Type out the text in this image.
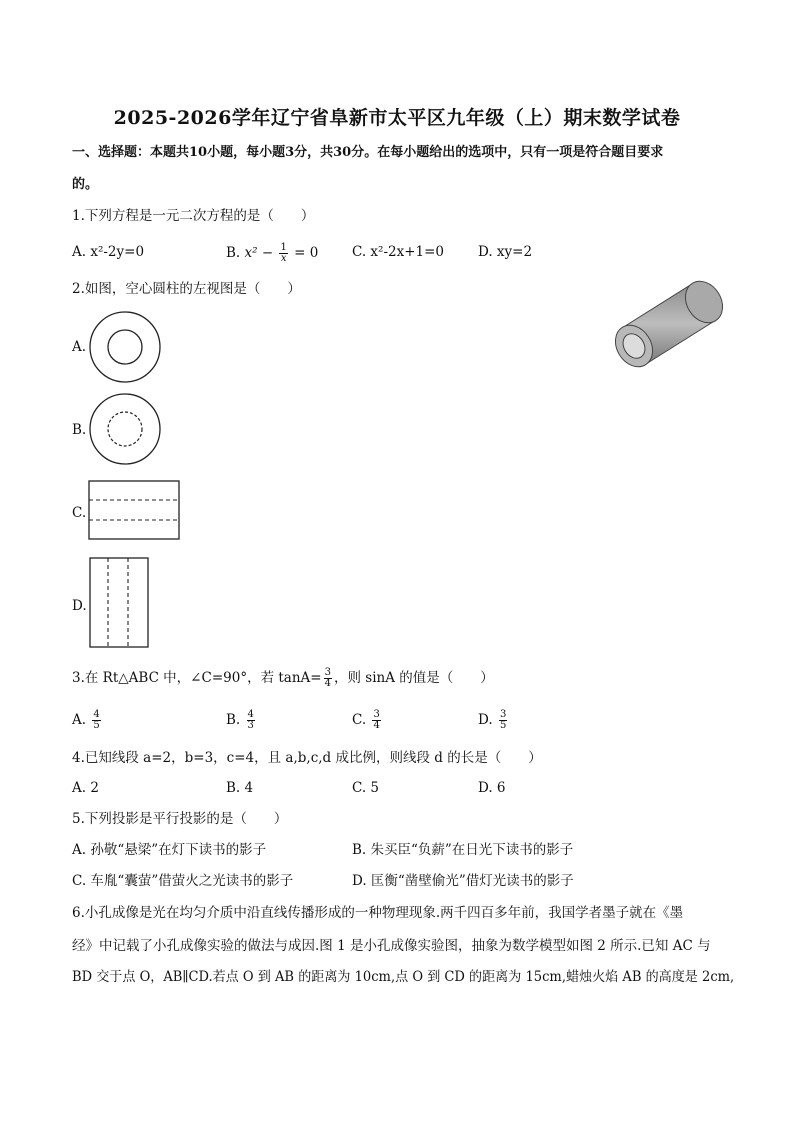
2025-2026学年辽宁省阜新市太平区九年级（上）期末数学试卷
一、选择题：本题共10小题，每小题3分，共30分。在每小题给出的选项中，只有一项是符合题目要求
的。
1.下列方程是一元二次方程的是（　　）
A. x²-2y=0	B. $x^2 - \frac{1}{x} = 0$ C. x²-2x+1=0	D. xy=2
2.如图，空心圆柱的左视图是（　　）
A.
B.
C.
D.
3.在 Rt△ABC 中，∠C=90°，若 $\tan A= \frac{3}{4}$ ，则 sinA 的值是（　　）
A. $\frac{4}{5}$	B. $\frac{4}{3}$	C. $\frac{3}{4}$	D. $\frac{3}{5}$
4.已知线段 a=2，b=3，c=4，且 a,b,c,d 成比例，则线段 d 的长是（　　）
A. 2	B. 4	C. 5	D. 6
5.下列投影是平行投影的是（　　）
A. 孙敬“悬梁”在灯下读书的影子	B. 朱买臣“负薪”在日光下读书的影子
C. 车胤“囊萤”借萤火之光读书的影子	D. 匡衡“凿壁偷光”借灯光读书的影子
6.小孔成像是光在均匀介质中沿直线传播形成的一种物理现象.两千四百多年前，我国学者墨子就在《墨
经》中记载了小孔成像实验的做法与成因.图 1 是小孔成像实验图，抽象为数学模型如图 2 所示.已知 AC 与
BD 交于点 O，AB∥CD.若点 O 到 AB 的距离为 10cm,点 O 到 CD 的距离为 15cm,蜡烛火焰 AB 的高度是 2cm,
